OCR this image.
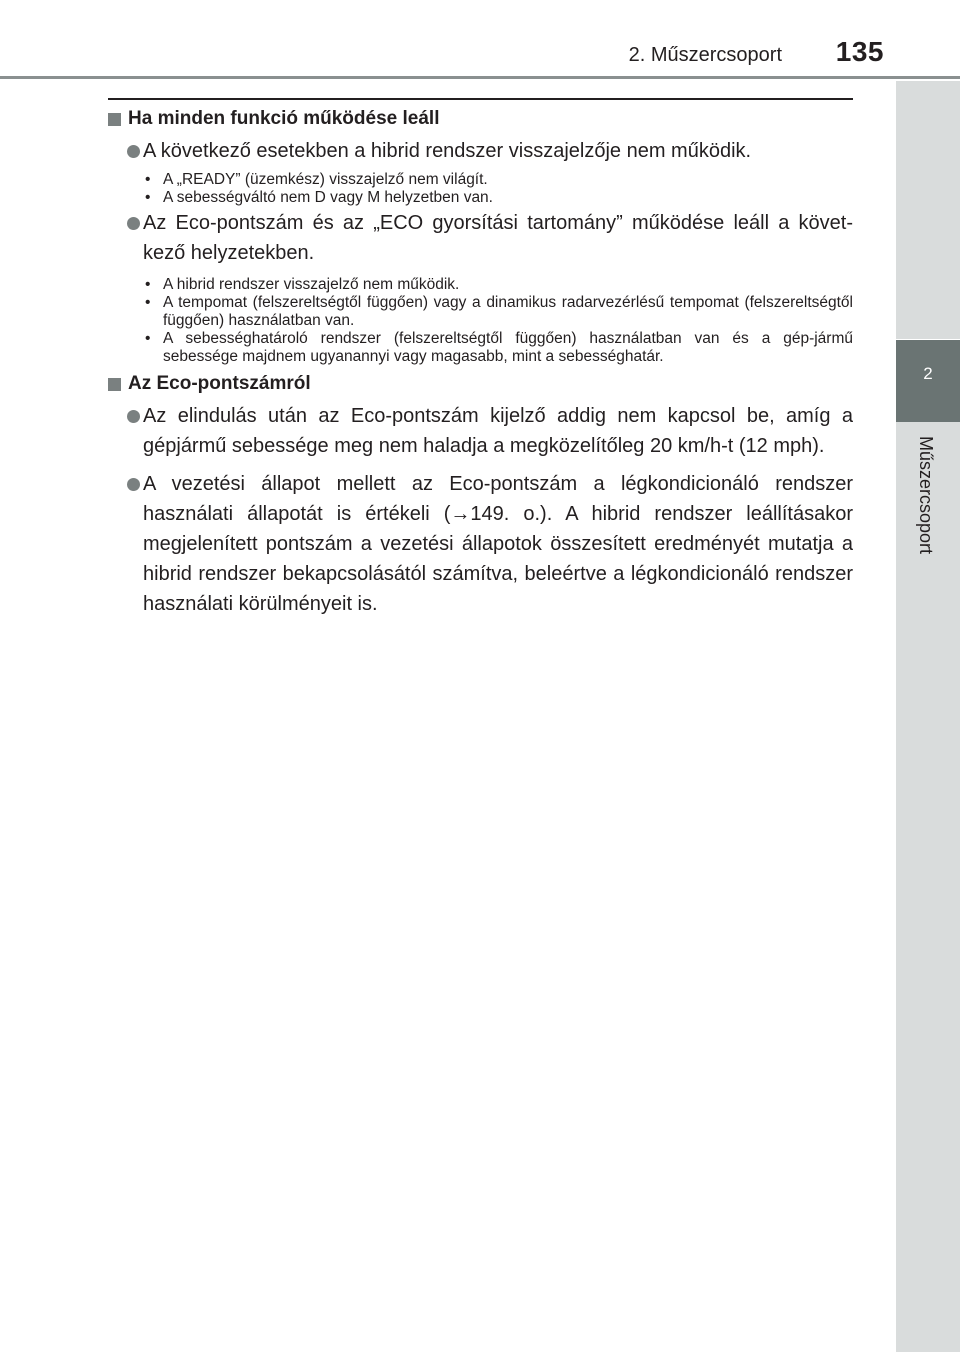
2. Műszercsoport 135
2
Műszercsoport
Ha minden funkció működése leáll
A következő esetekben a hibrid rendszer visszajelzője nem működik.
• A „READY” (üzemkész) visszajelző nem világít.
• A sebességváltó nem D vagy M helyzetben van.
Az Eco-pontszám és az „ECO gyorsítási tartomány” működése leáll a követ-kező helyzetekben.
• A hibrid rendszer visszajelző nem működik.
• A tempomat (felszereltségtől függően) vagy a dinamikus radarvezérlésű tempomat (felszereltségtől függően) használatban van.
• A sebességhatároló rendszer (felszereltségtől függően) használatban van és a gép-jármű sebessége majdnem ugyanannyi vagy magasabb, mint a sebességhatár.
Az Eco-pontszámról
Az elindulás után az Eco-pontszám kijelző addig nem kapcsol be, amíg a gépjármű sebessége meg nem haladja a megközelítőleg 20 km/h-t (12 mph).
A vezetési állapot mellett az Eco-pontszám a légkondicionáló rendszer használati állapotát is értékeli (→149. o.). A hibrid rendszer leállításakor megjelenített pontszám a vezetési állapotok összesített eredményét mutatja a hibrid rendszer bekapcsolásától számítva, beleértve a légkondicionáló rendszer használati körülményeit is.
